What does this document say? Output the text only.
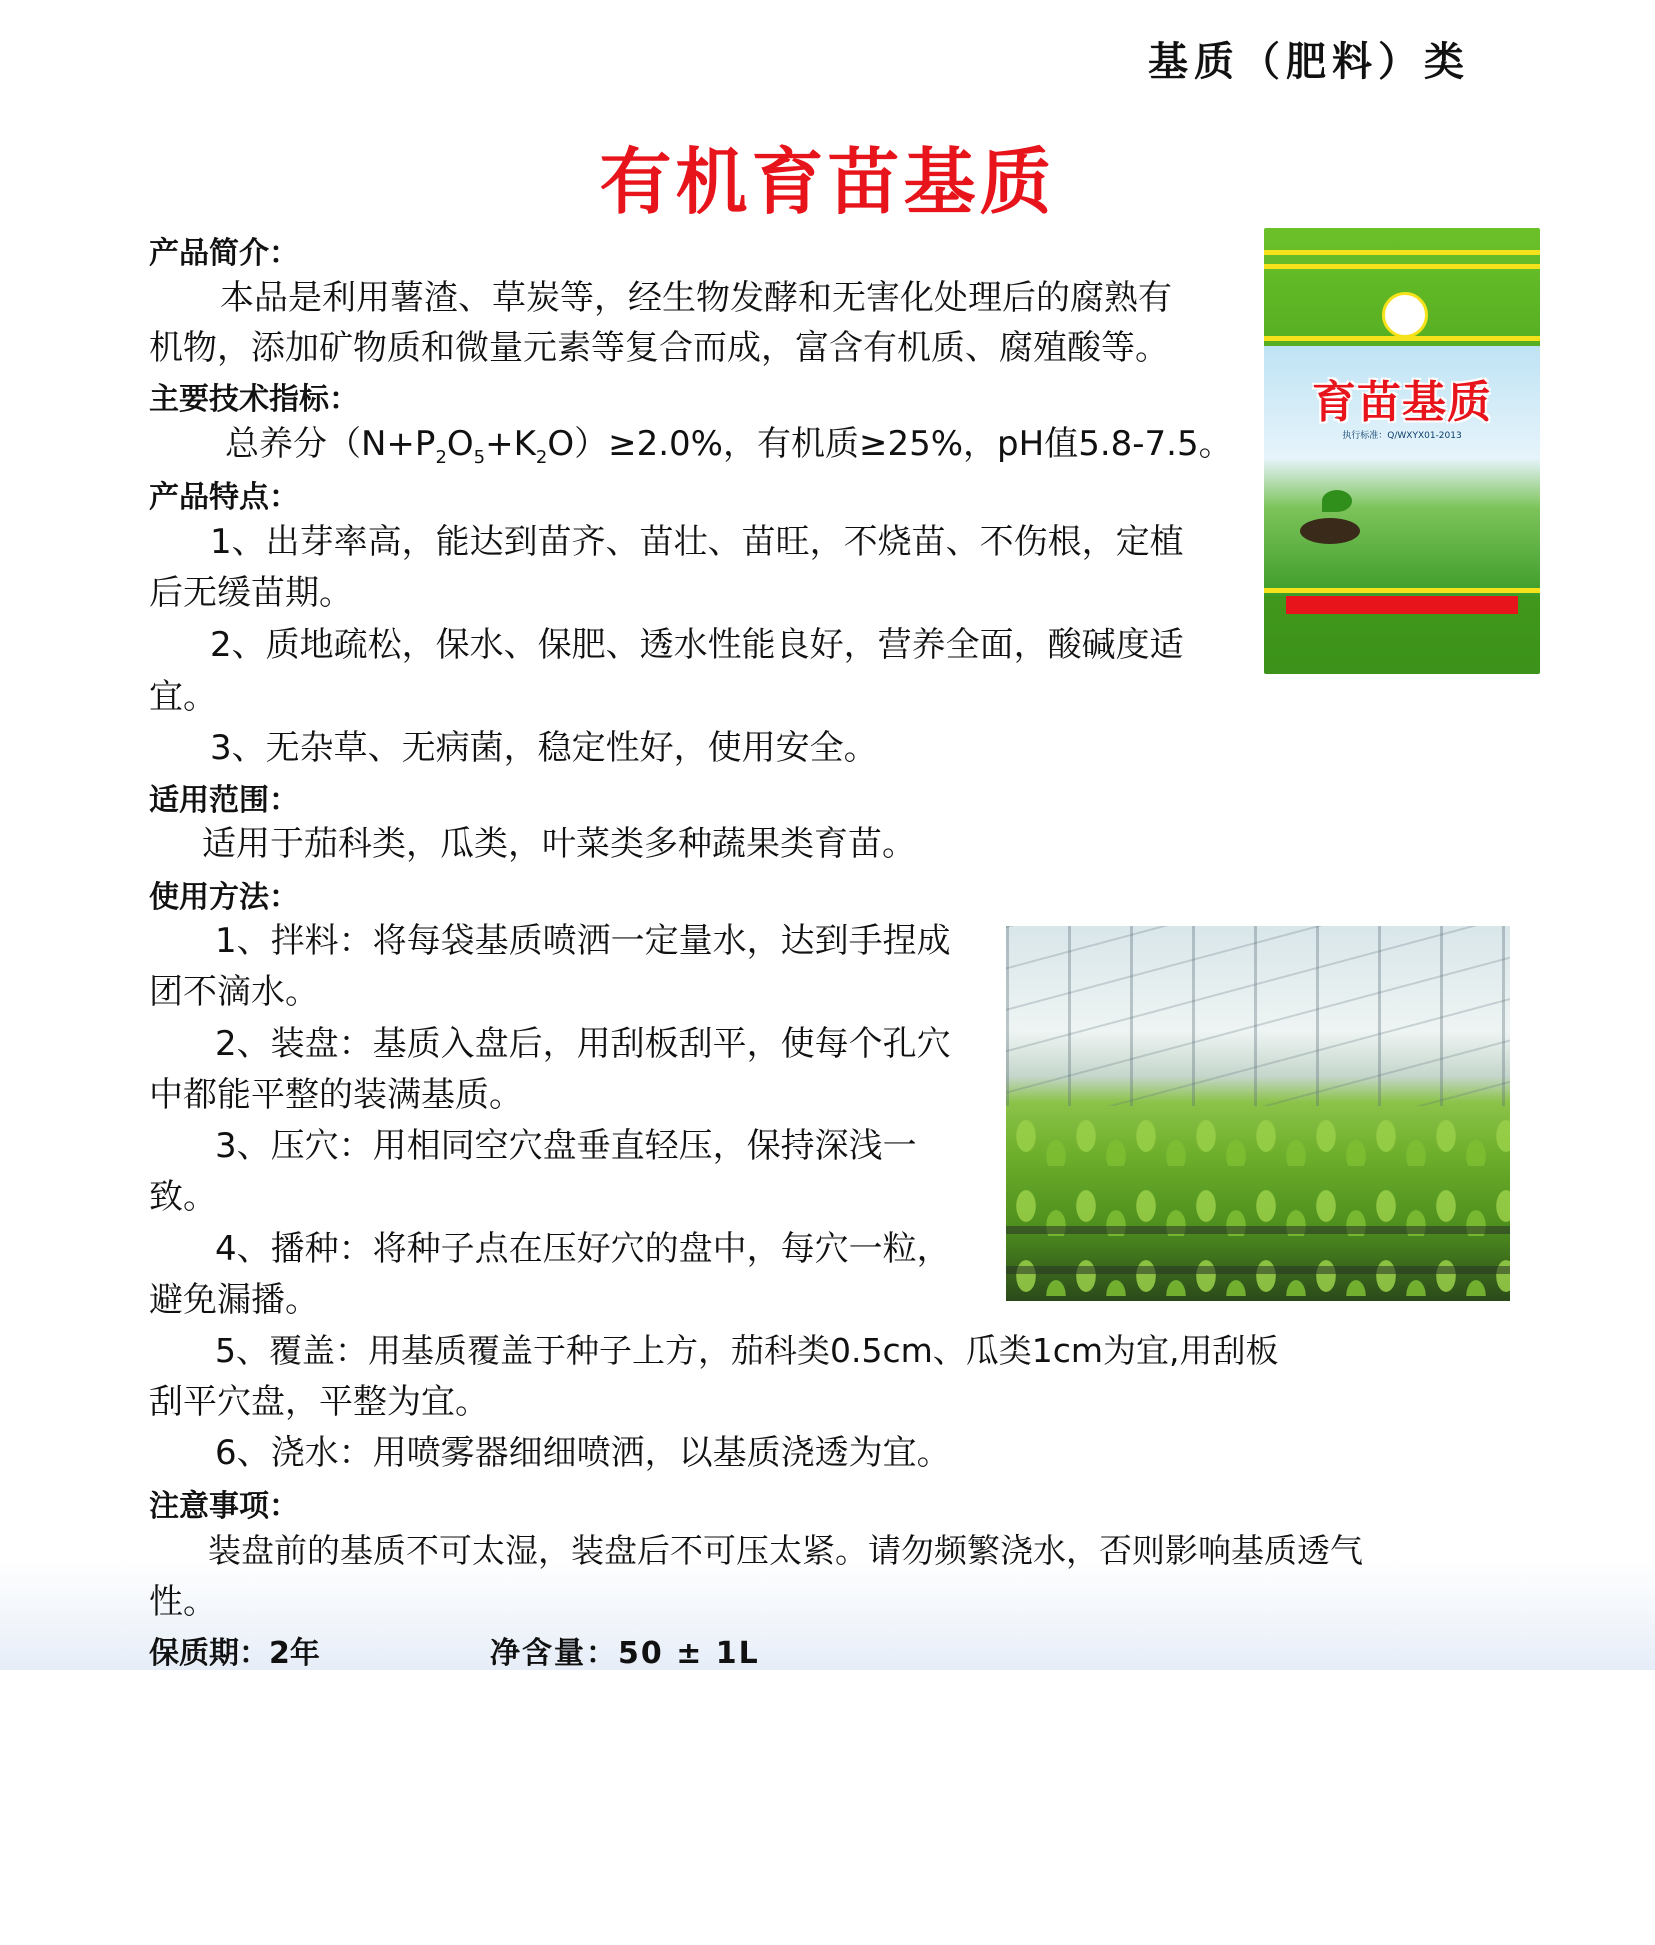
基质（肥料）类
有机育苗基质
产品简介：
本品是利用薯渣、草炭等，经生物发酵和无害化处理后的腐熟有
机物，添加矿物质和微量元素等复合而成，富含有机质、腐殖酸等。
主要技术指标：
总养分$(N+P_2O_5+K_2O)\ge 2.0\%$，有机质≥25%，pH值5.8-7.5。
产品特点：
1、出芽率高，能达到苗齐、苗壮、苗旺，不烧苗、不伤根，定植
后无缓苗期。
2、质地疏松，保水、保肥、透水性能良好，营养全面，酸碱度适
宜。
3、无杂草、无病菌，稳定性好，使用安全。
适用范围：
适用于茄科类，瓜类，叶菜类多种蔬果类育苗。
使用方法：
1、拌料：将每袋基质喷洒一定量水，达到手捏成
团不滴水。
2、装盘：基质入盘后，用刮板刮平，使每个孔穴
中都能平整的装满基质。
3、压穴：用相同空穴盘垂直轻压，保持深浅一
致。
4、播种：将种子点在压好穴的盘中，每穴一粒，
避免漏播。
5、覆盖：用基质覆盖于种子上方，茄科类0.5cm、瓜类1cm为宜,用刮板
刮平穴盘，平整为宜。
6、浇水：用喷雾器细细喷洒，以基质浇透为宜。
注意事项：
装盘前的基质不可太湿，装盘后不可压太紧。请勿频繁浇水，否则影响基质透气
性。
保质期：2年	净含量：50 ± 1L
育苗基质
执行标准：Q/WXYX01-2013
